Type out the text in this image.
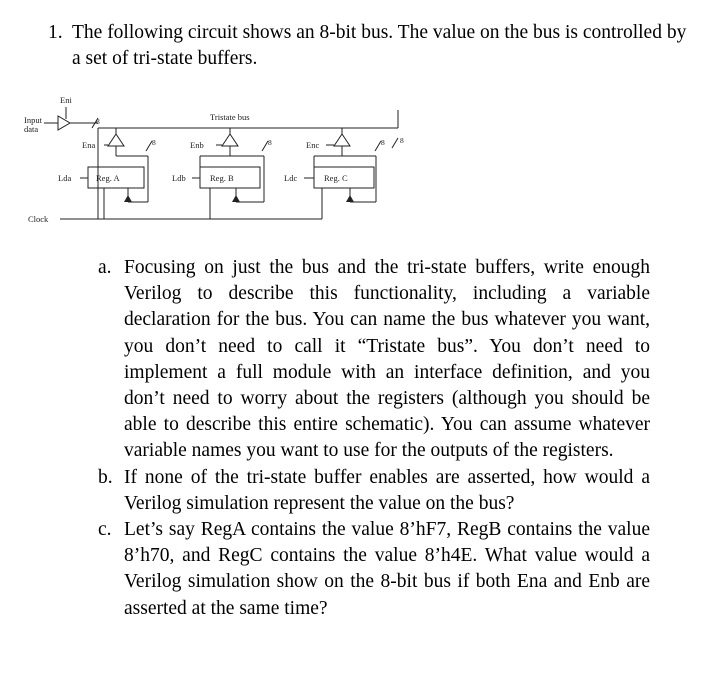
1. The following circuit shows an 8-bit bus. The value on the bus is controlled by a set of tri-state buffers.
Input
data
Eni
8	Tristate bus
Ena	Enb	Enc
8	8	8 8
Lda	Ldb	Ldc
Reg. A	Reg. B	Reg. C
Clock
a. Focusing on just the bus and the tri-state buffers, write enough Verilog to describe this functionality, including a variable declaration for the bus. You can name the bus whatever you want, you don’t need to call it “Tristate bus”. You don’t need to implement a full module with an interface definition, and you don’t need to worry about the registers (although you should be able to describe this entire schematic). You can assume whatever variable names you want to use for the outputs of the registers.
b. If none of the tri-state buffer enables are asserted, how would a Verilog simulation represent the value on the bus?
c. Let’s say RegA contains the value 8’hF7, RegB contains the value 8’h70, and RegC contains the value 8’h4E. What value would a Verilog simulation show on the 8-bit bus if both Ena and Enb are asserted at the same time?
